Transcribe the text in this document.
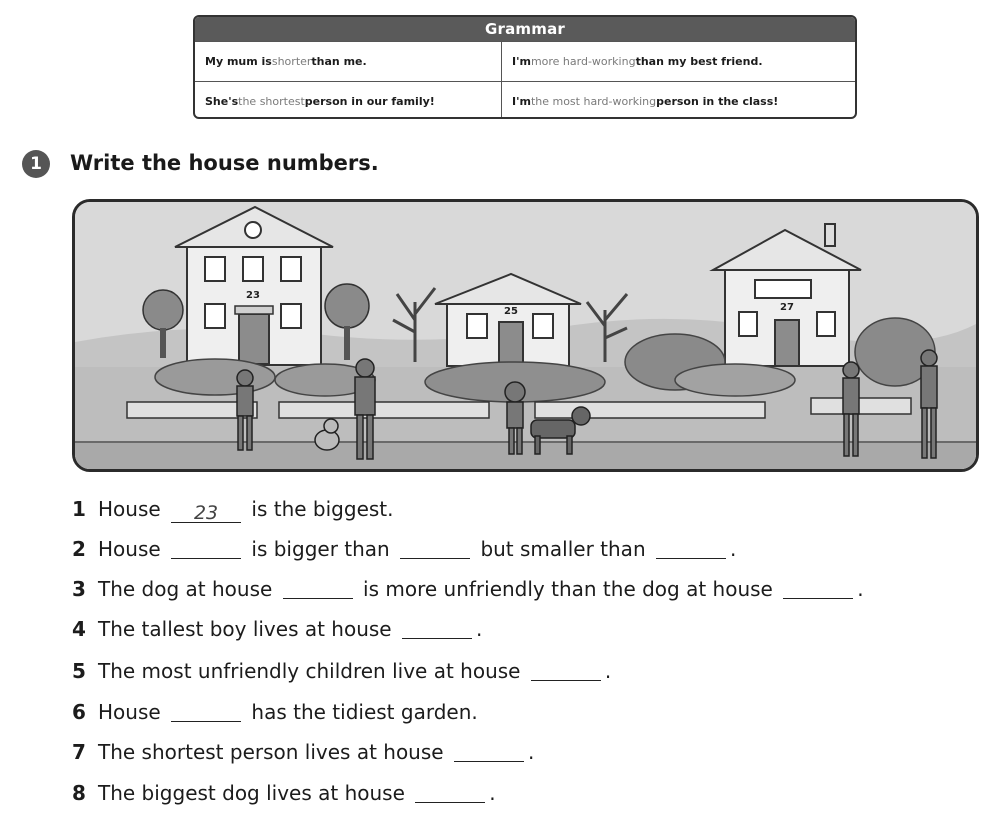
Grammar
My mum is shorter than me.	I'm more hard-working than my best friend.
She's the shortest person in our family!	I'm the most hard-working person in the class!
1	Write the house numbers.
23
25	27
1 House 23 is the biggest.
2 House	is bigger than	but smaller than	.
3 The dog at house	is more unfriendly than the dog at house	.
4 The tallest boy lives at house	.
5 The most unfriendly children live at house	.
6 House	has the tidiest garden.
7 The shortest person lives at house	.
8 The biggest dog lives at house	.
